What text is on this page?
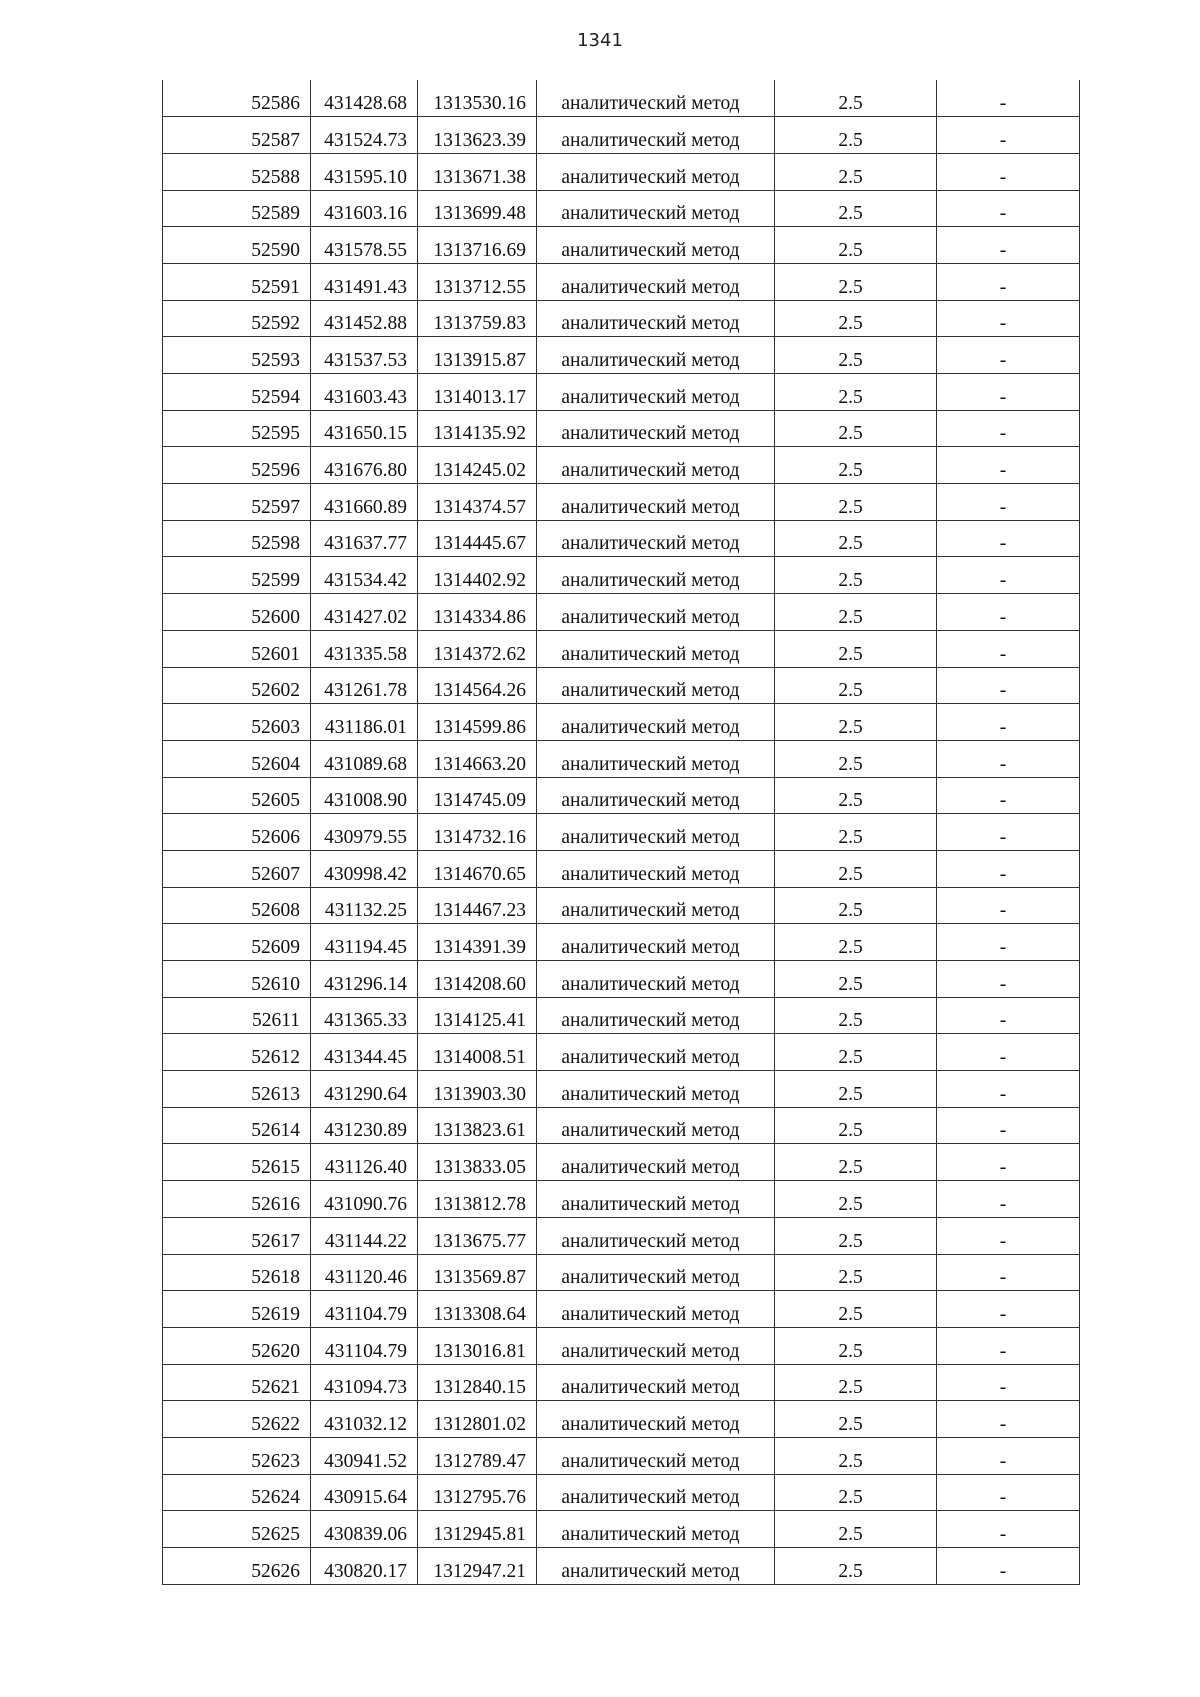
1341
52586	431428.68	1313530.16	аналитический метод	2.5	-
52587	431524.73	1313623.39	аналитический метод	2.5	-
52588	431595.10	1313671.38	аналитический метод	2.5	-
52589	431603.16	1313699.48	аналитический метод	2.5	-
52590	431578.55	1313716.69	аналитический метод	2.5	-
52591	431491.43	1313712.55	аналитический метод	2.5	-
52592	431452.88	1313759.83	аналитический метод	2.5	-
52593	431537.53	1313915.87	аналитический метод	2.5	-
52594	431603.43	1314013.17	аналитический метод	2.5	-
52595	431650.15	1314135.92	аналитический метод	2.5	-
52596	431676.80	1314245.02	аналитический метод	2.5	-
52597	431660.89	1314374.57	аналитический метод	2.5	-
52598	431637.77	1314445.67	аналитический метод	2.5	-
52599	431534.42	1314402.92	аналитический метод	2.5	-
52600	431427.02	1314334.86	аналитический метод	2.5	-
52601	431335.58	1314372.62	аналитический метод	2.5	-
52602	431261.78	1314564.26	аналитический метод	2.5	-
52603	431186.01	1314599.86	аналитический метод	2.5	-
52604	431089.68	1314663.20	аналитический метод	2.5	-
52605	431008.90	1314745.09	аналитический метод	2.5	-
52606	430979.55	1314732.16	аналитический метод	2.5	-
52607	430998.42	1314670.65	аналитический метод	2.5	-
52608	431132.25	1314467.23	аналитический метод	2.5	-
52609	431194.45	1314391.39	аналитический метод	2.5	-
52610	431296.14	1314208.60	аналитический метод	2.5	-
52611	431365.33	1314125.41	аналитический метод	2.5	-
52612	431344.45	1314008.51	аналитический метод	2.5	-
52613	431290.64	1313903.30	аналитический метод	2.5	-
52614	431230.89	1313823.61	аналитический метод	2.5	-
52615	431126.40	1313833.05	аналитический метод	2.5	-
52616	431090.76	1313812.78	аналитический метод	2.5	-
52617	431144.22	1313675.77	аналитический метод	2.5	-
52618	431120.46	1313569.87	аналитический метод	2.5	-
52619	431104.79	1313308.64	аналитический метод	2.5	-
52620	431104.79	1313016.81	аналитический метод	2.5	-
52621	431094.73	1312840.15	аналитический метод	2.5	-
52622	431032.12	1312801.02	аналитический метод	2.5	-
52623	430941.52	1312789.47	аналитический метод	2.5	-
52624	430915.64	1312795.76	аналитический метод	2.5	-
52625	430839.06	1312945.81	аналитический метод	2.5	-
52626	430820.17	1312947.21	аналитический метод	2.5	-
